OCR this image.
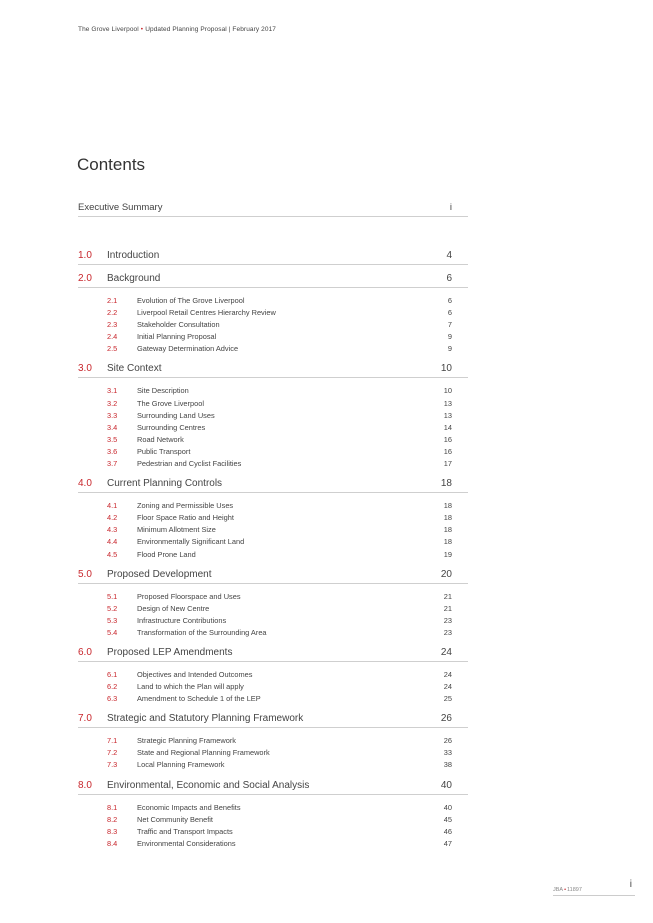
The Grove Liverpool • Updated Planning Proposal | February 2017
Contents
Executive Summary	i
1.0	Introduction	4
2.0	Background	6
2.1	Evolution of The Grove Liverpool	6
2.2	Liverpool Retail Centres Hierarchy Review	6
2.3	Stakeholder Consultation	7
2.4	Initial Planning Proposal	9
2.5	Gateway Determination Advice	9
3.0	Site Context	10
3.1	Site Description	10
3.2	The Grove Liverpool	13
3.3	Surrounding Land Uses	13
3.4	Surrounding Centres	14
3.5	Road Network	16
3.6	Public Transport	16
3.7	Pedestrian and Cyclist Facilities	17
4.0	Current Planning Controls	18
4.1	Zoning and Permissible Uses	18
4.2	Floor Space Ratio and Height	18
4.3	Minimum Allotment Size	18
4.4	Environmentally Significant Land	18
4.5	Flood Prone Land	19
5.0	Proposed Development	20
5.1	Proposed Floorspace and Uses	21
5.2	Design of New Centre	21
5.3	Infrastructure Contributions	23
5.4	Transformation of the Surrounding Area	23
6.0	Proposed LEP Amendments	24
6.1	Objectives and Intended Outcomes	24
6.2	Land to which the Plan will apply	24
6.3	Amendment to Schedule 1 of the LEP	25
7.0	Strategic and Statutory Planning Framework	26
7.1	Strategic Planning Framework	26
7.2	State and Regional Planning Framework	33
7.3	Local Planning Framework	38
8.0	Environmental, Economic and Social Analysis	40
8.1	Economic Impacts and Benefits	40
8.2	Net Community Benefit	45
8.3	Traffic and Transport Impacts	46
8.4	Environmental Considerations	47
JBA•11897	i
